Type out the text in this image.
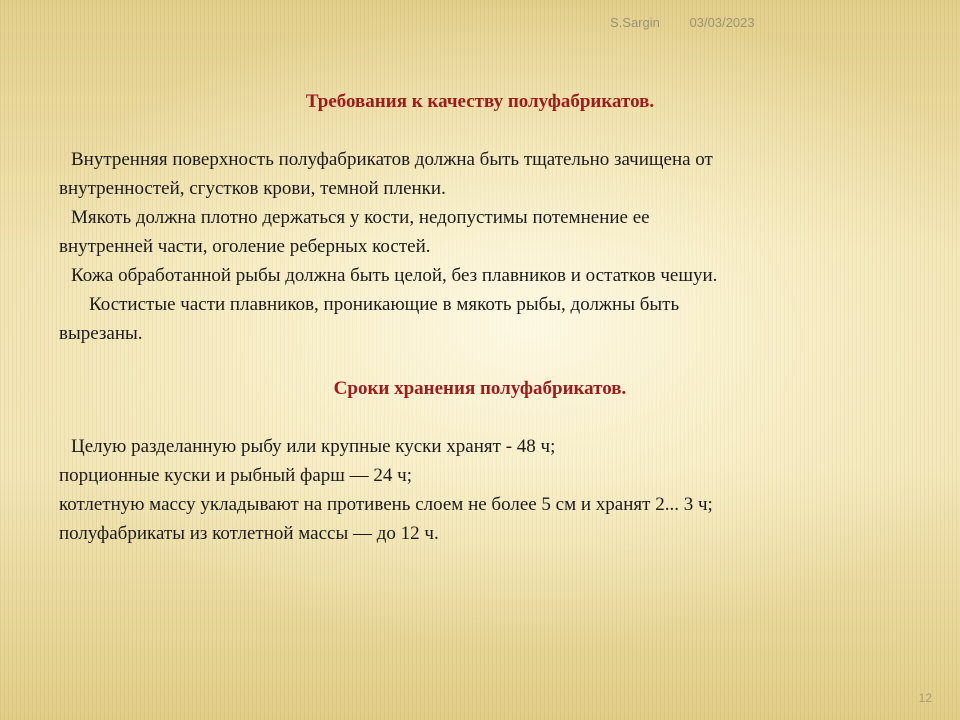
S.Sargin 03/03/2023
Требования к качеству полуфабрикатов.
Внутренняя поверхность полуфабрикатов должна быть тщательно зачищена от
внутренностей, сгустков крови, темной пленки.
Мякоть должна плотно держаться у кости, недопустимы потемнение ее
внутренней части, оголение реберных костей.
Кожа обработанной рыбы должна быть целой, без плавников и остатков чешуи.
Костистые части плавников, проникающие в мякоть рыбы, должны быть
вырезаны.
Сроки хранения полуфабрикатов.
Целую разделанную рыбу или крупные куски хранят - 48 ч;
порционные куски и рыбный фарш — 24 ч;
котлетную массу укладывают на противень слоем не более 5 см и хранят 2... 3 ч;
полуфабрикаты из котлетной массы — до 12 ч.
12
